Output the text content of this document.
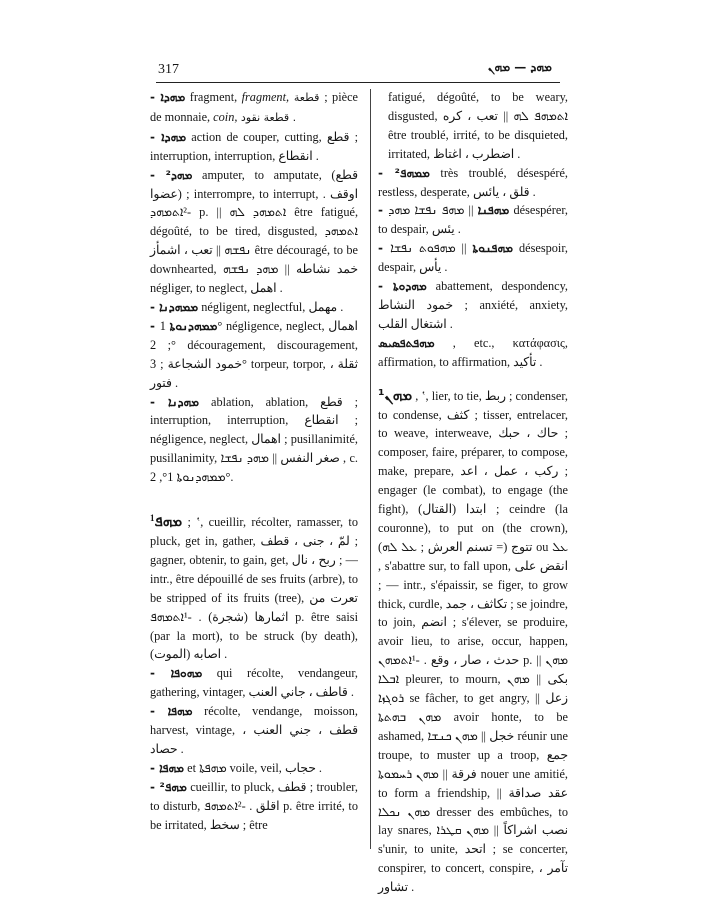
317	ܡܗܕ — ܡܗܢ

- ܡܗܕܐ fragment, fragment, قطعة ; pièce de monnaie, coin, قطعة نقود .

- ܡܗܕܐ action de couper, cutting, قطع ; interruption, interruption, انقطاع .

- ²ܡܗܕ amputer, to amputate, (قطع (عضوا ; interrompre, to interrupt, اوقف . -²ܐܬܡܗܕ p. || ܐܬܡܗܕ ܠܗ être fatigué, dégoûté, to be tired, disgusted, ܐܬܡܗܕ ܢܦܫܗ || تعب ، اشمأز être découragé, to be downhearted, خمد نشاطه || ܡܗܕ ܢܦܫܗ négliger, to neglect, اهمل .

- ܡܡܗܕܢܐ négligent, neglectful, مهمل .

- ܡܡܗܕܢܘܬܐ 1° négligence, neglect, اهمال ; 2° découragement, discouragement, خمود الشجاعة ; 3° torpeur, torpor, ثقلة ، فتور .

- ܡܗܕܢܐ ablation, ablation, قطع ; interruption, interruption, انقطاع ; négligence, neglect, اهمال ; pusillanimité, pusillanimity, صغر النفس || ܡܗܕ ܢܦܫܐ , c. ܡܡܗܕܢܘܬܐ 1°, 2°.

$^1$ܡܗܦ ; ‛, cueillir, récolter, ramasser, to pluck, get in, gather, لمّ ، جنى ، قطف ; gagner, obtenir, to gain, get, ربح ، نال ; — intr., être dépouillé de ses fruits (arbre), to be stripped of its fruits (tree), تعرت من اثمارها (شجرة) . -¹ܐܬܡܗܦ p. être saisi (par la mort), to be struck (by death), اصابه (الموت) .

- ܡܗܘܦܐ qui récolte, vendangeur, gathering, vintager, قاطف ، جاني العنب .

- ܡܗܦܐ récolte, vendange, moisson, harvest, vintage, قطف ، جني العنب ، حصاد .

- ܡܗܦܐ et ܡܗܦܬܐ voile, veil, حجاب .

- ²ܡܗܦ cueillir, to pluck, قطف ; troubler, to disturb, اقلق . -²ܐܬܡܗܦ p. être irrité, to be irritated, سخط ; être

fatigué, dégoûté, to be weary, disgusted, ܐܬܡܗܦ ܠܗ || تعب ، كره être troublé, irrité, to be disquieted, irritated, اضطرب ، اغتاظ .

- ²ܡܡܗܦ très troublé, désespéré, restless, desperate, قلق ، يائس .

- ܡܗܦܢܐ || ܡܗܦ ܢܦܫܐ ܡܗܕ désespérer, to despair, يئس .

- ܡܗܦܢܘܬܐ || ܡܗܦܘܬ ܢܦܫܐ désespoir, despair, يأس .

- ܡܗܕܘܬܐ abattement, despondency, خمود النشاط ; anxiété, anxiety, اشتغال القلب .

ܡܗܦܬܦܣܝܣ , etc., κατάφασις, affirmation, to affirmation, تأكيد .

¹ܡܗܢ , ‛, lier, to tie, ربط ; condenser, to condense, كثف ; tisser, entrelacer, to weave, interweave, حاك ، حبك ; composer, faire, préparer, to compose, make, prepare, ركب ، عمل ، اعد ; engager (le combat), to engage (the fight), ابتدا (القتال) ; ceindre (la couronne), to put on (the crown), (تتوج (= تسنم العرش ; ܥܠ ܠܗ ou ܥܠ , s'abattre sur, to fall upon, انقض على ; — intr., s'épaissir, se figer, to grow thick, curdle, تكاثف ، جمد ; se joindre, to join, انضم ; s'élever, se produire, avoir lieu, to arise, occur, happen, حدث ، صار ، وقع . -¹ܐܬܡܗܢ p. || ܡܗܢ ܐܒܠܐ pleurer, to mourn, بكى || ܡܗܢ ܪܘܓܙܐ se fâcher, to get angry, زعل || ܡܗܢ ܒܗܬܬܐ avoir honte, to be ashamed, خجل || ܡܗܢ ܟܢܫܐ réunir une troupe, to muster up a troop, جمع فرقة || ܡܗܢ ܪܚܡܘܬܐ nouer une amitié, to form a friendship, عقد صداقة || ܡܗܢ ܢܟܠܐ dresser des embûches, to lay snares, نصب اشراكاً || ܡܗܢ ܩܛܪܐ s'unir, to unite, اتحد ; se concerter, conspirer, to concert, conspire, تآمر ، تشاور .
